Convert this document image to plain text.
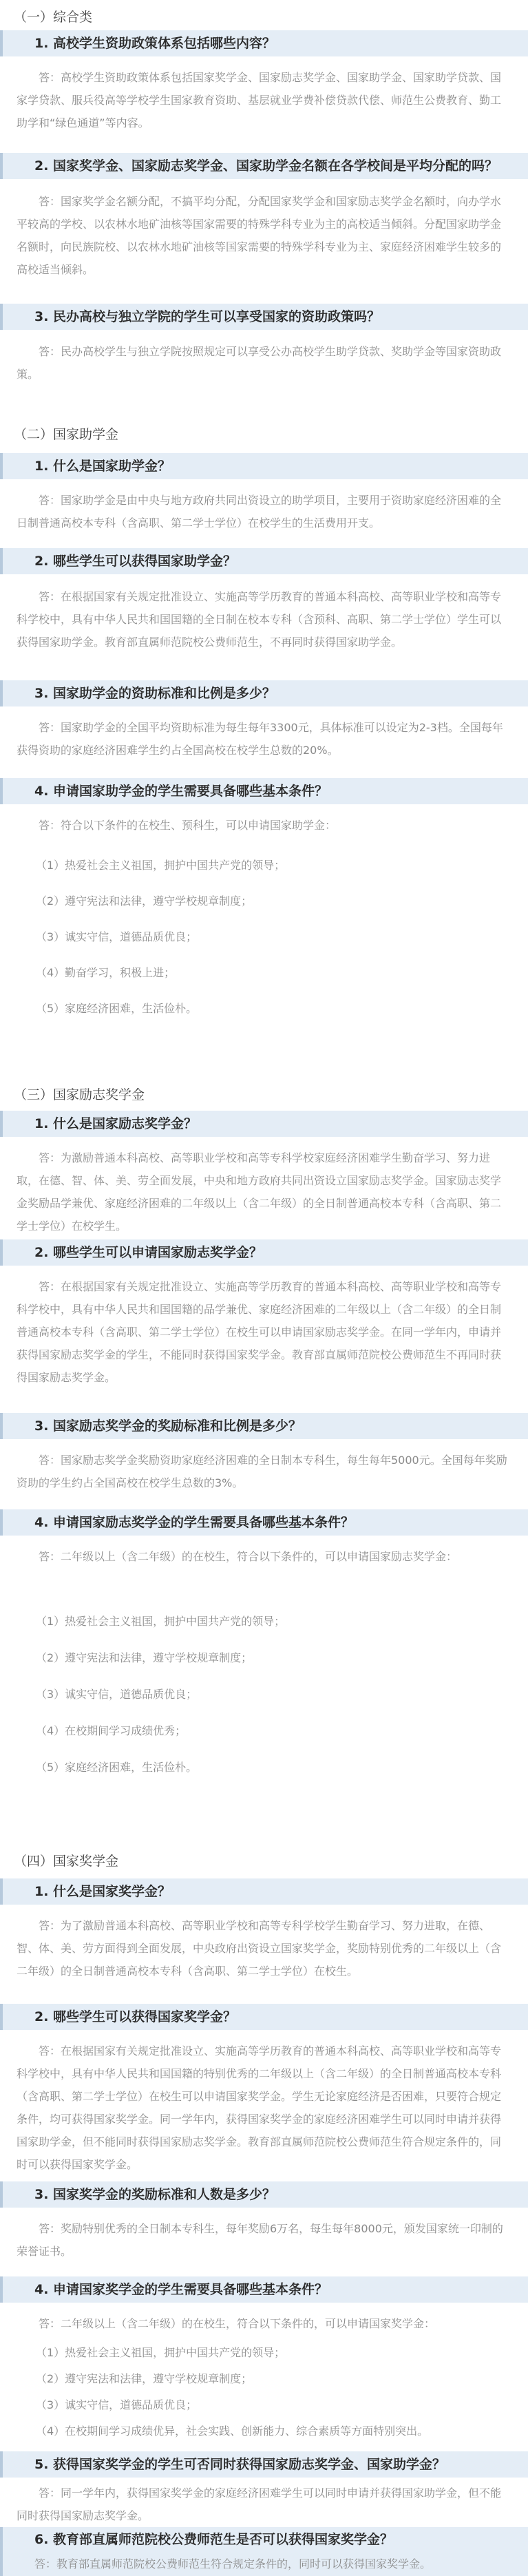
（一）综合类
1. 高校学生资助政策体系包括哪些内容？

答：高校学生资助政策体系包括国家奖学金、国家励志奖学金、国家助学金、国家助学贷款、国家学贷款、服兵役高等学校学生国家教育资助、基层就业学费补偿贷款代偿、师范生公费教育、勤工助学和“绿色通道”等内容。

2. 国家奖学金、国家励志奖学金、国家助学金名额在各学校间是平均分配的吗？

答：国家奖学金名额分配，不搞平均分配，分配国家奖学金和国家励志奖学金名额时，向办学水平较高的学校、以农林水地矿油核等国家需要的特殊学科专业为主的高校适当倾斜。分配国家助学金名额时，向民族院校、以农林水地矿油核等国家需要的特殊学科专业为主、家庭经济困难学生较多的高校适当倾斜。

3. 民办高校与独立学院的学生可以享受国家的资助政策吗？

答：民办高校学生与独立学院按照规定可以享受公办高校学生助学贷款、奖助学金等国家资助政策。

（二）国家助学金
1. 什么是国家助学金？

答：国家助学金是由中央与地方政府共同出资设立的助学项目，主要用于资助家庭经济困难的全日制普通高校本专科（含高职、第二学士学位）在校学生的生活费用开支。

2. 哪些学生可以获得国家助学金？

答：在根据国家有关规定批准设立、实施高等学历教育的普通本科高校、高等职业学校和高等专科学校中，具有中华人民共和国国籍的全日制在校本专科（含预科、高职、第二学士学位）学生可以获得国家助学金。教育部直属师范院校公费师范生，不再同时获得国家助学金。

3. 国家助学金的资助标准和比例是多少？

答：国家助学金的全国平均资助标准为每生每年3300元，具体标准可以设定为2-3档。全国每年获得资助的家庭经济困难学生约占全国高校在校学生总数的20%。

4. 申请国家助学金的学生需要具备哪些基本条件？

答：符合以下条件的在校生、预科生，可以申请国家助学金：

（1）热爱社会主义祖国，拥护中国共产党的领导；
（2）遵守宪法和法律，遵守学校规章制度；
（3）诚实守信，道德品质优良；
（4）勤奋学习，积极上进；
（5）家庭经济困难，生活俭朴。
（三）国家励志奖学金
1. 什么是国家励志奖学金？

答：为激励普通本科高校、高等职业学校和高等专科学校家庭经济困难学生勤奋学习、努力进取，在德、智、体、美、劳全面发展，中央和地方政府共同出资设立国家励志奖学金。国家励志奖学金奖励品学兼优、家庭经济困难的二年级以上（含二年级）的全日制普通高校本专科（含高职、第二学士学位）在校学生。

2. 哪些学生可以申请国家励志奖学金？

答：在根据国家有关规定批准设立、实施高等学历教育的普通本科高校、高等职业学校和高等专科学校中，具有中华人民共和国国籍的品学兼优、家庭经济困难的二年级以上（含二年级）的全日制普通高校本专科（含高职、第二学士学位）在校生可以申请国家励志奖学金。在同一学年内，申请并获得国家励志奖学金的学生，不能同时获得国家奖学金。教育部直属师范院校公费师范生不再同时获得国家励志奖学金。

3. 国家励志奖学金的奖励标准和比例是多少？

答：国家励志奖学金奖励资助家庭经济困难的全日制本专科生，每生每年5000元。全国每年奖励资助的学生约占全国高校在校学生总数的3%。

4. 申请国家励志奖学金的学生需要具备哪些基本条件？

答：二年级以上（含二年级）的在校生，符合以下条件的，可以申请国家励志奖学金：

（1）热爱社会主义祖国，拥护中国共产党的领导；
（2）遵守宪法和法律，遵守学校规章制度；
（3）诚实守信，道德品质优良；
（4）在校期间学习成绩优秀；
（5）家庭经济困难，生活俭朴。
（四）国家奖学金
1. 什么是国家奖学金？

答：为了激励普通本科高校、高等职业学校和高等专科学校学生勤奋学习、努力进取，在德、智、体、美、劳方面得到全面发展，中央政府出资设立国家奖学金，奖励特别优秀的二年级以上（含二年级）的全日制普通高校本专科（含高职、第二学士学位）在校生。

2. 哪些学生可以获得国家奖学金？

答：在根据国家有关规定批准设立、实施高等学历教育的普通本科高校、高等职业学校和高等专科学校中，具有中华人民共和国国籍的特别优秀的二年级以上（含二年级）的全日制普通高校本专科（含高职、第二学士学位）在校生可以申请国家奖学金。学生无论家庭经济是否困难，只要符合规定条件，均可获得国家奖学金。同一学年内，获得国家奖学金的家庭经济困难学生可以同时申请并获得国家助学金，但不能同时获得国家励志奖学金。教育部直属师范院校公费师范生符合规定条件的，同时可以获得国家奖学金。

3. 国家奖学金的奖励标准和人数是多少？

答：奖励特别优秀的全日制本专科生，每年奖励6万名，每生每年8000元，颁发国家统一印制的荣誉证书。

4. 申请国家奖学金的学生需要具备哪些基本条件？

答：二年级以上（含二年级）的在校生，符合以下条件的，可以申请国家奖学金：

（1）热爱社会主义祖国，拥护中国共产党的领导；
（2）遵守宪法和法律，遵守学校规章制度；
（3）诚实守信，道德品质优良；
（4）在校期间学习成绩优异，社会实践、创新能力、综合素质等方面特别突出。
5. 获得国家奖学金的学生可否同时获得国家励志奖学金、国家助学金？

答：同一学年内，获得国家奖学金的家庭经济困难学生可以同时申请并获得国家助学金，但不能同时获得国家励志奖学金。

6. 教育部直属师范院校公费师范生是否可以获得国家奖学金？
答：教育部直属师范院校公费师范生符合规定条件的，同时可以获得国家奖学金。
